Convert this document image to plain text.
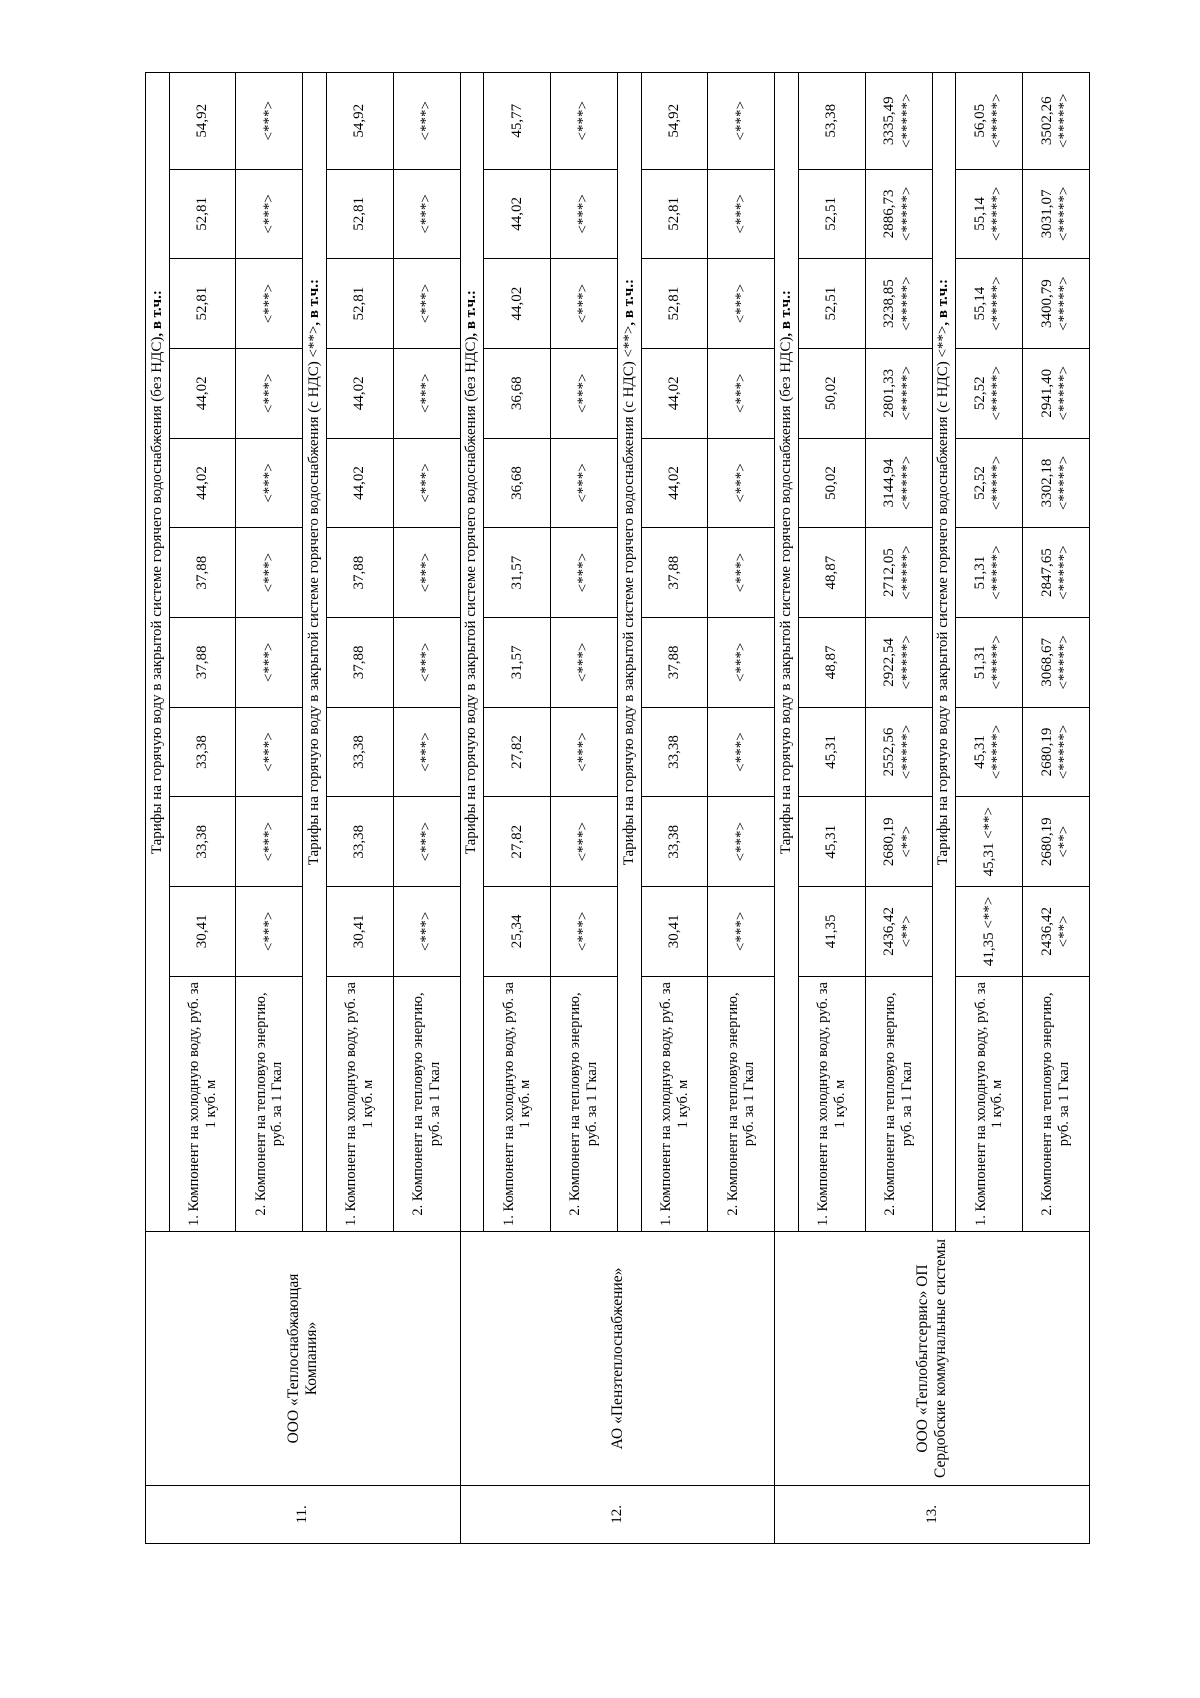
11.	ООО «Теплоснабжающая Компания»	Тарифы на горячую воду в закрытой системе горячего водоснабжения (без НДС), в т.ч.:										
		1. Компонент на холодную воду, руб. за 1 куб. м	30,41	33,38	33,38	37,88	37,88	44,02	44,02	52,81	52,81	54,92
		2. Компонент на тепловую энергию, руб. за 1 Гкал	<***>	<***>	<***>	<***>	<***>	<***>	<***>	<***>	<***>	<***>
		Тарифы на горячую воду в закрытой системе горячего водоснабжения (с НДС) <**>, в т.ч.:										
		1. Компонент на холодную воду, руб. за 1 куб. м	30,41	33,38	33,38	37,88	37,88	44,02	44,02	52,81	52,81	54,92
		2. Компонент на тепловую энергию, руб. за 1 Гкал	<***>	<***>	<***>	<***>	<***>	<***>	<***>	<***>	<***>	<***>
12.	АО «Пензтеплоснабжение»	Тарифы на горячую воду в закрытой системе горячего водоснабжения (без НДС), в т.ч.:										
		1. Компонент на холодную воду, руб. за 1 куб. м	25,34	27,82	27,82	31,57	31,57	36,68	36,68	44,02	44,02	45,77
		2. Компонент на тепловую энергию, руб. за 1 Гкал	<***>	<***>	<***>	<***>	<***>	<***>	<***>	<***>	<***>	<***>
		Тарифы на горячую воду в закрытой системе горячего водоснабжения (с НДС) <**>, в т.ч.:										
		1. Компонент на холодную воду, руб. за 1 куб. м	30,41	33,38	33,38	37,88	37,88	44,02	44,02	52,81	52,81	54,92
		2. Компонент на тепловую энергию, руб. за 1 Гкал	<***>	<***>	<***>	<***>	<***>	<***>	<***>	<***>	<***>	<***>
13.	ООО «Теплобытсервис» ОП Сердобские коммунальные системы	Тарифы на горячую воду в закрытой системе горячего водоснабжения (без НДС), в т.ч.:										
		1. Компонент на холодную воду, руб. за 1 куб. м	41,35	45,31	45,31	48,87	48,87	50,02	50,02	52,51	52,51	53,38
		2. Компонент на тепловую энергию, руб. за 1 Гкал	2436,42 <**>	2680,19 <**>	2552,56 <*****>	2922,54 <*****>	2712,05 <*****>	3144,94 <*****>	2801,33 <*****>	3238,85 <*****>	2886,73 <*****>	3335,49 <*****>
		Тарифы на горячую воду в закрытой системе горячего водоснабжения (с НДС) <**>, в т.ч.:										
		1. Компонент на холодную воду, руб. за 1 куб. м	41,35 <**>	45,31 <**>	45,31 <*****>	51,31 <*****>	51,31 <*****>	52,52 <*****>	52,52 <*****>	55,14 <*****>	55,14 <*****>	56,05 <*****>
		2. Компонент на тепловую энергию, руб. за 1 Гкал	2436,42 <**>	2680,19 <**>	2680,19 <*****>	3068,67 <*****>	2847,65 <*****>	3302,18 <*****>	2941,40 <*****>	3400,79 <*****>	3031,07 <*****>	3502,26 <*****>
